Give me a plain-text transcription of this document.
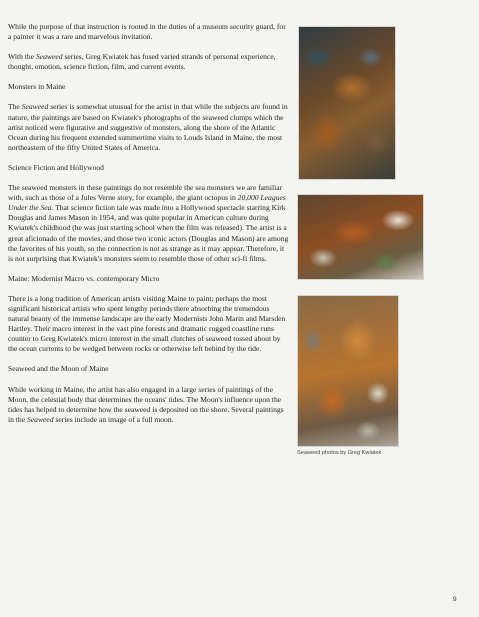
While the purpose of that instruction is rooted in the duties of a museum security guard, for a painter it was a rare and marvelous invitation.

With the Seaweed series, Greg Kwiatek has fused varied strands of personal experience, thought, emotion, science fiction, film, and current events.

Monsters in Maine

The Seaweed series is somewhat unusual for the artist in that while the subjects are found in nature, the paintings are based on Kwiatek's photographs of the seaweed clumps which the artist noticed were figurative and suggestive of monsters, along the shore of the Atlantic Ocean during his frequent extended summertime visits to Louds Island in Maine, the most northeastern of the fifty United States of America.

Science Fiction and Hollywood

The seaweed monsters in these paintings do not resemble the sea monsters we are familiar with, such as those of a Jules Verne story, for example, the giant octopus in 20,000 Leagues Under the Sea. That science fiction tale was made into a Hollywood spectacle starring Kirk Douglas and James Mason in 1954, and was quite popular in American culture during Kwiatek's childhood (he was just starting school when the film was released). The artist is a great aficionado of the movies, and those two iconic actors (Douglas and Mason) are among the favorites of his youth, so the connection is not as strange as it may appear. Therefore, it is not surprising that Kwiatek's monsters seem to resemble those of other sci-fi films.

Maine: Modernist Macro vs. contemporary Micro

There is a long tradition of American artists visiting Maine to paint; perhaps the most significant historical artists who spent lengthy periods there absorbing the tremendous natural beauty of the immense landscape are the early Modernists John Marin and Marsden Hartley. Their macro interest in the vast pine forests and dramatic rugged coastline runs counter to Greg Kwiatek's micro interest in the small clutches of seaweed tossed about by the ocean currents to be wedged between rocks or otherwise left behind by the tide.

Seaweed and the Moon of Maine

While working in Maine, the artist has also engaged in a large series of paintings of the Moon, the celestial body that determines the oceans' tides. The Moon's influence upon the tides has helped to determine how the seaweed is deposited on the shore. Several paintings in the Seaweed series include an image of a full moon.

Seaweed photos by Greg Kwiatek
9
